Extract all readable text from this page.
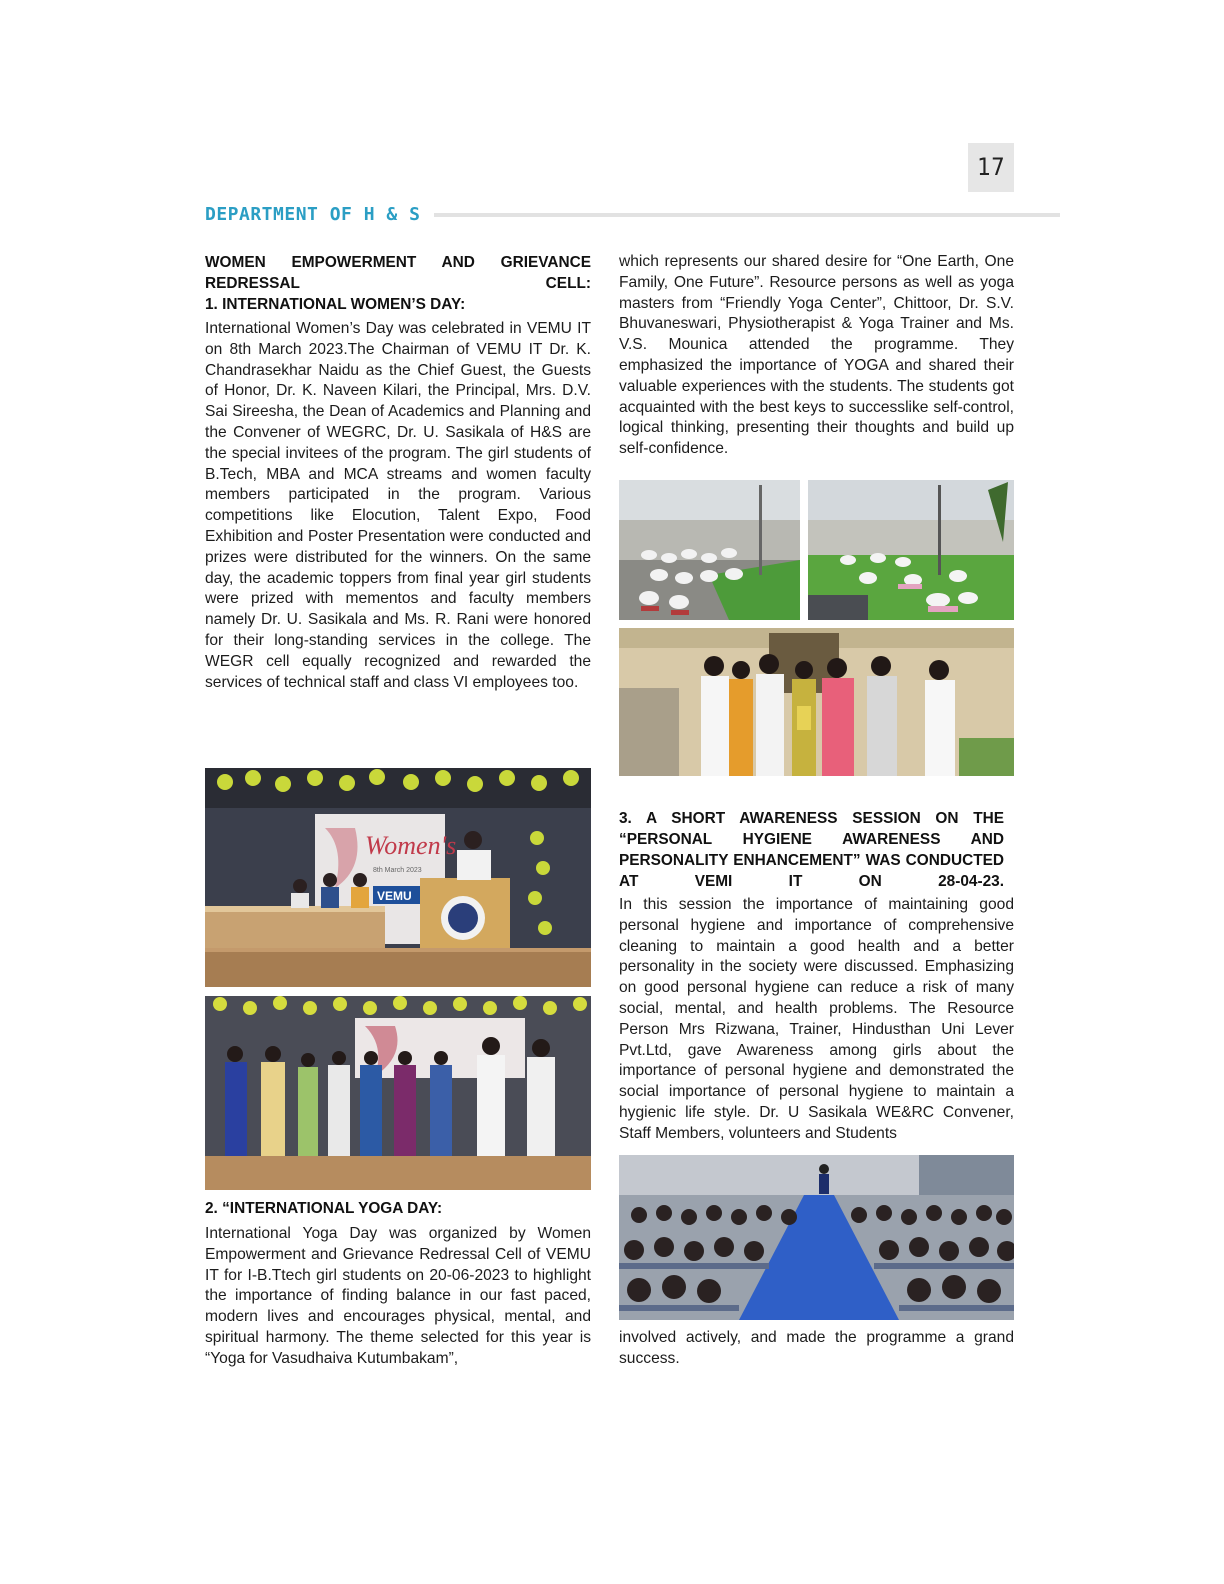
17
DEPARTMENT OF H & S
WOMEN EMPOWERMENT AND GRIEVANCE REDRESSAL CELL:
1. INTERNATIONAL WOMEN’S DAY:
International Women’s Day was celebrated in VEMU IT on 8th March 2023.The Chairman of VEMU IT Dr. K. Chandrasekhar Naidu as the Chief Guest, the Guests of Honor, Dr. K. Naveen Kilari, the Principal, Mrs. D.V. Sai Sireesha, the Dean of Academics and Planning and the Convener of WEGRC, Dr. U. Sasikala of H&S are the special invitees of the program. The girl students of B.Tech, MBA and MCA streams and women faculty members participated in the program. Various competitions like Elocution, Talent Expo, Food Exhibition and Poster Presentation were conducted and prizes were distributed for the winners. On the same day, the academic toppers from final year girl students were prized with mementos and faculty members namely Dr. U. Sasikala and Ms. R. Rani were honored for their long-standing services in the college. The WEGR cell equally recognized and rewarded the services of technical staff and class VI employees too.
Women's
8th March 2023
VEMU
2. “INTERNATIONAL YOGA DAY:
International Yoga Day was organized by Women Empowerment and Grievance Redressal Cell of VEMU IT for I-B.Ttech girl students on 20-06-2023 to highlight the importance of finding balance in our fast paced, modern lives and encourages physical, mental, and spiritual harmony. The theme selected for this year is “Yoga for Vasudhaiva Kutumbakam”,
which represents our shared desire for “One Earth, One Family, One Future”. Resource persons as well as yoga masters from “Friendly Yoga Center”, Chittoor, Dr. S.V. Bhuvaneswari, Physiotherapist & Yoga Trainer and Ms. V.S. Mounica attended the programme. They emphasized the importance of YOGA and shared their valuable experiences with the students. The students got acquainted with the best keys to successlike self-control, logical thinking, presenting their thoughts and build up self-confidence.
3. A SHORT AWARENESS SESSION ON THE “PERSONAL HYGIENE AWARENESS AND PERSONALITY ENHANCEMENT” WAS CONDUCTED AT VEMI IT ON 28-04-23.
In this session the importance of maintaining good personal hygiene and importance of comprehensive cleaning to maintain a good health and a better personality in the society were discussed. Emphasizing on good personal hygiene can reduce a risk of many social, mental, and health problems. The Resource Person Mrs Rizwana, Trainer, Hindusthan Uni Lever Pvt.Ltd, gave Awareness among girls about the importance of personal hygiene and demonstrated the social importance of personal hygiene to maintain a hygienic life style. Dr. U Sasikala WE&RC Convener, Staff Members, volunteers and Students
involved actively, and made the programme a grand success.
